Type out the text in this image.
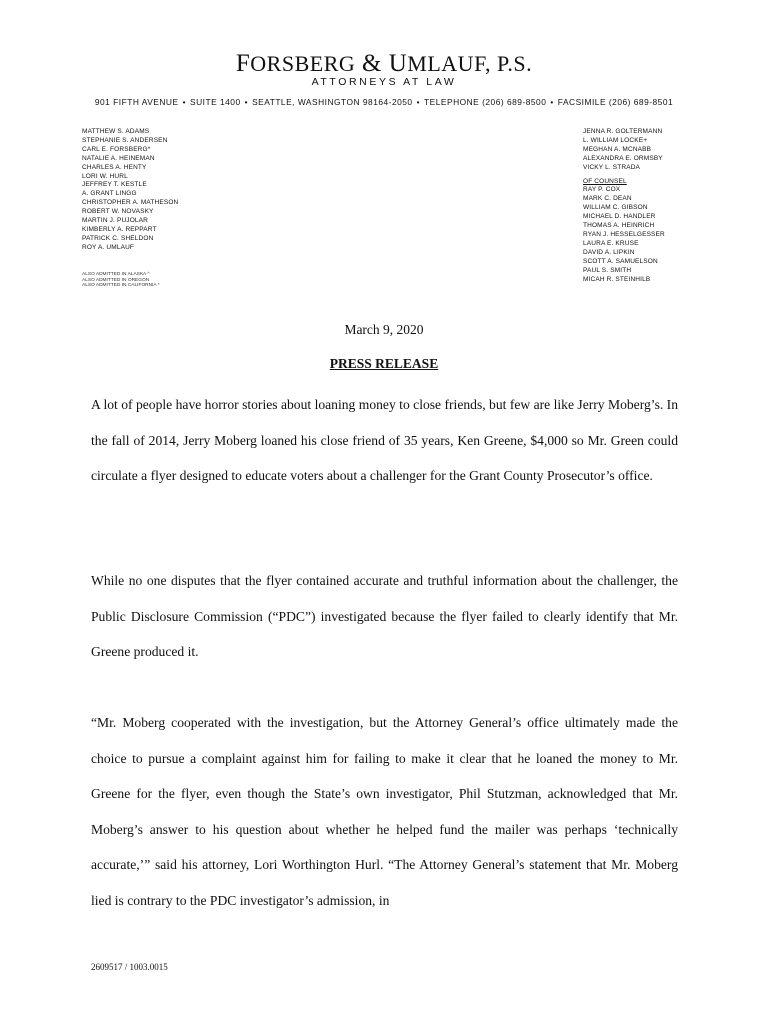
FORSBERG & UMLAUF, P.S.
ATTORNEYS AT LAW
901 FIFTH AVENUE • SUITE 1400 • SEATTLE, WASHINGTON 98164-2050 • TELEPHONE (206) 689-8500 • FACSIMILE (206) 689-8501
MATTHEW S. ADAMS
STEPHANIE S. ANDERSEN
CARL E. FORSBERG*
NATALIE A. HEINEMAN
CHARLES A. HENTY
LORI W. HURL
JEFFREY T. KESTLE
A. GRANT LINGG
CHRISTOPHER A. MATHESON
ROBERT W. NOVASKY
MARTIN J. PUJOLAR
KIMBERLY A. REPPART
PATRICK C. SHELDON
ROY A. UMLAUF
ALSO ADMITTED IN ALASKA ^
ALSO ADMITTED IN OREGON
ALSO ADMITTED IN CALIFORNIA *
JENNA R. GOLTERMANN
L. WILLIAM LOCKE+
MEGHAN A. MCNABB
ALEXANDRA E. ORMSBY
VICKY L. STRADA
OF COUNSEL
RAY P. COX
MARK C. DEAN
WILLIAM C. GIBSON
MICHAEL D. HANDLER
THOMAS A. HEINRICH
RYAN J. HESSELGESSER
LAURA E. KRUSE
DAVID A. LIPKIN
SCOTT A. SAMUELSON
PAUL S. SMITH
MICAH R. STEINHILB
March 9, 2020
PRESS RELEASE

A lot of people have horror stories about loaning money to close friends, but few are like Jerry Moberg’s. In the fall of 2014, Jerry Moberg loaned his close friend of 35 years, Ken Greene, $4,000 so Mr. Green could circulate a flyer designed to educate voters about a challenger for the Grant County Prosecutor’s office.

While no one disputes that the flyer contained accurate and truthful information about the challenger, the Public Disclosure Commission (“PDC”) investigated because the flyer failed to clearly identify that Mr. Greene produced it.

“Mr. Moberg cooperated with the investigation, but the Attorney General’s office ultimately made the choice to pursue a complaint against him for failing to make it clear that he loaned the money to Mr. Greene for the flyer, even though the State’s own investigator, Phil Stutzman, acknowledged that Mr. Moberg’s answer to his question about whether he helped fund the mailer was perhaps ‘technically accurate,’” said his attorney, Lori Worthington Hurl. “The Attorney General’s statement that Mr. Moberg lied is contrary to the PDC investigator’s admission, in

2609517 / 1003.0015
